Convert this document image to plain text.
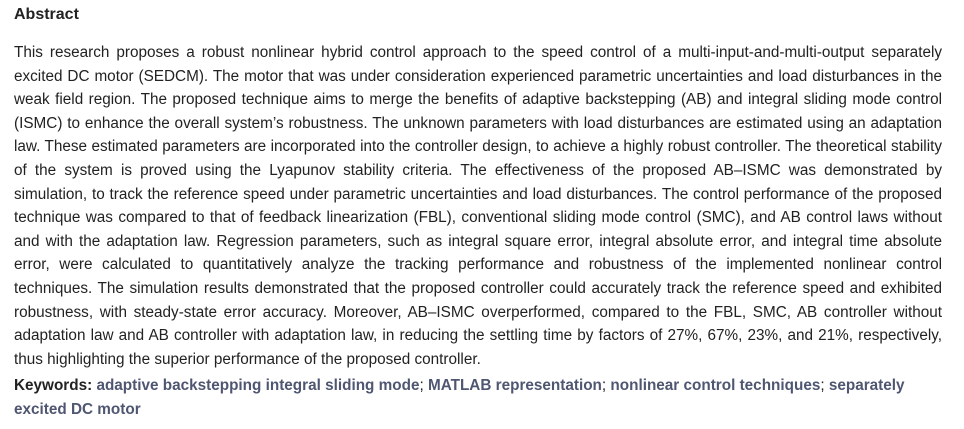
Abstract

This research proposes a robust nonlinear hybrid control approach to the speed control of a multi-input-and-multi-output separately excited DC motor (SEDCM). The motor that was under consideration experienced parametric uncertainties and load disturbances in the weak field region. The proposed technique aims to merge the benefits of adaptive backstepping (AB) and integral sliding mode control (ISMC) to enhance the overall system’s robustness. The unknown parameters with load disturbances are estimated using an adaptation law. These estimated parameters are incorporated into the controller design, to achieve a highly robust controller. The theoretical stability of the system is proved using the Lyapunov stability criteria. The effectiveness of the proposed AB–ISMC was demonstrated by simulation, to track the reference speed under parametric uncertainties and load disturbances. The control performance of the proposed technique was compared to that of feedback linearization (FBL), conventional sliding mode control (SMC), and AB control laws without and with the adaptation law. Regression parameters, such as integral square error, integral absolute error, and integral time absolute error, were calculated to quantitatively analyze the tracking performance and robustness of the implemented nonlinear control techniques. The simulation results demonstrated that the proposed controller could accurately track the reference speed and exhibited robustness, with steady-state error accuracy. Moreover, AB–ISMC overperformed, compared to the FBL, SMC, AB controller without adaptation law and AB controller with adaptation law, in reducing the settling time by factors of 27%, 67%, 23%, and 21%, respectively, thus highlighting the superior performance of the proposed controller.

Keywords: adaptive backstepping integral sliding mode; MATLAB representation; nonlinear control techniques; separately excited DC motor
